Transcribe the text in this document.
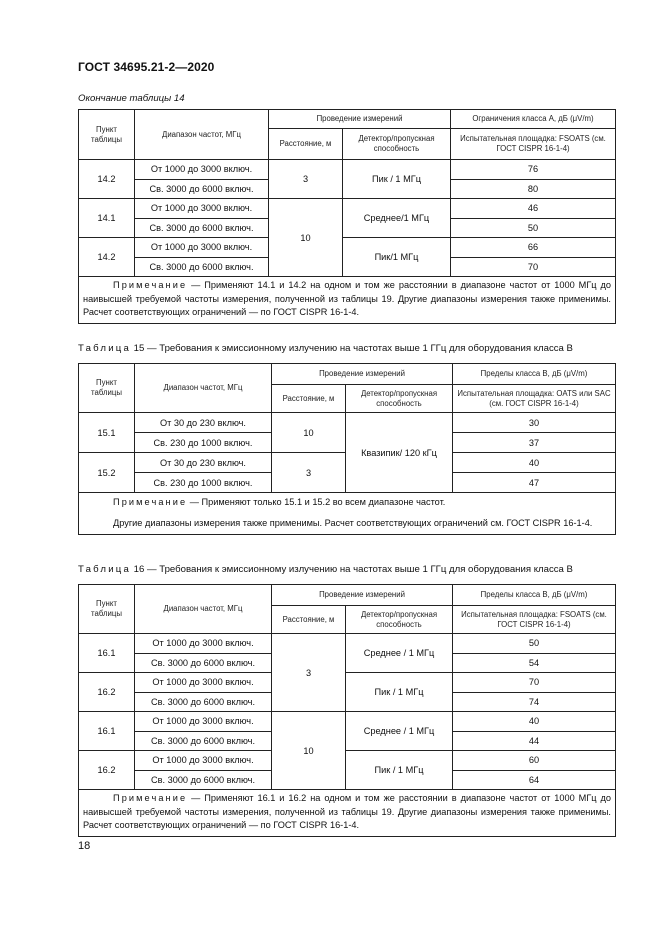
ГОСТ 34695.21-2—2020
Окончание таблицы 14
Пункт таблицы	Диапазон частот, МГц	Проведение измерений		Ограничения класса А, дБ (μV/m)
		Расстояние, м	Детектор/пропускная способность	Испытательная площадка: FSOATS (см. ГОСТ CISPR 16-1-4)
14.2	От 1000 до 3000 включ.	3	Пик / 1 МГц	76
	Св. 3000 до 6000 включ.			80
14.1	От 1000 до 3000 включ.	10	Среднее/1 МГц	46
	Св. 3000 до 6000 включ.			50
14.2	От 1000 до 3000 включ.		Пик/1 МГц	66
	Св. 3000 до 6000 включ.			70
Примечание — Применяют 14.1 и 14.2 на одном и том же расстоянии в диапазоне частот от 1000 МГц до наивысшей требуемой частоты измерения, полученной из таблицы 19. Другие диапазоны измерения также применимы. Расчет соответствующих ограничений — по ГОСТ CISPR 16-1-4.				
Таблица 15 — Требования к эмиссионному излучению на частотах выше 1 ГГц для оборудования класса В
Пункт таблицы	Диапазон частот, МГц	Проведение измерений		Пределы класса В, дБ (μV/m)
		Расстояние, м	Детектор/пропускная способность	Испытательная площадка: OATS или SAC (см. ГОСТ CISPR 16-1-4)
15.1	От 30 до 230 включ.	10	Квазипик/ 120 кГц	30
	Св. 230 до 1000 включ.			37
15.2	От 30 до 230 включ.	3		40
	Св. 230 до 1000 включ.			47

Примечание — Применяют только 15.1 и 15.2 во всем диапазоне частот.
Другие диапазоны измерения также применимы. Расчет соответствующих ограничений см. ГОСТ CISPR 16-1-4.				
Таблица 16 — Требования к эмиссионному излучению на частотах выше 1 ГГц для оборудования класса В
Пункт таблицы	Диапазон частот, МГц	Проведение измерений		Пределы класса В, дБ (μV/m)
		Расстояние, м	Детектор/пропускная способность	Испытательная площадка: FSOATS (см. ГОСТ CISPR 16-1-4)
16.1	От 1000 до 3000 включ.	3	Среднее / 1 МГц	50
	Св. 3000 до 6000 включ.			54
16.2	От 1000 до 3000 включ.		Пик / 1 МГц	70
	Св. 3000 до 6000 включ.			74
16.1	От 1000 до 3000 включ.	10	Среднее / 1 МГц	40
	Св. 3000 до 6000 включ.			44
16.2	От 1000 до 3000 включ.		Пик / 1 МГц	60
	Св. 3000 до 6000 включ.			64
Примечание — Применяют 16.1 и 16.2 на одном и том же расстоянии в диапазоне частот от 1000 МГц до наивысшей требуемой частоты измерения, полученной из таблицы 19. Другие диапазоны измерения также применимы. Расчет соответствующих ограничений — по ГОСТ CISPR 16-1-4.				
18
